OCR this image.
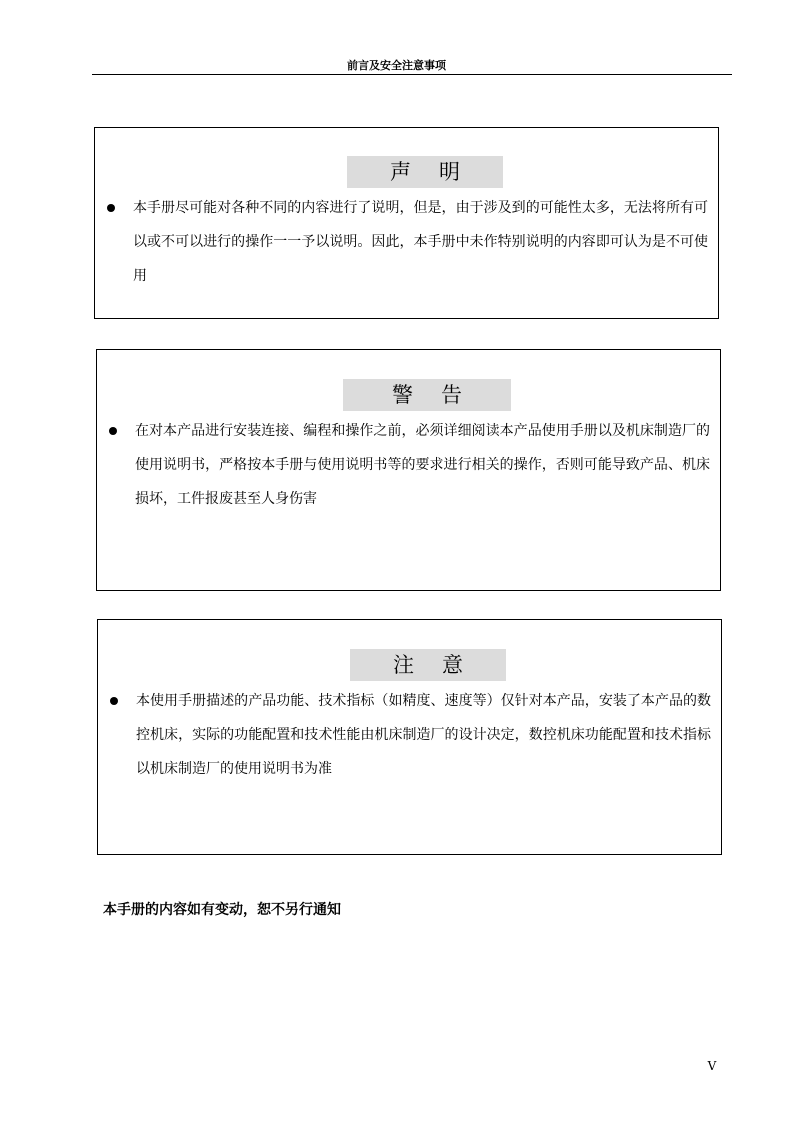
前言及安全注意事项
声明
本手册尽可能对各种不同的内容进行了说明，但是，由于涉及到的可能性太多，无法将所有可以或不可以进行的操作一一予以说明。因此，本手册中未作特别说明的内容即可认为是不可使用
警告
在对本产品进行安装连接、编程和操作之前，必须详细阅读本产品使用手册以及机床制造厂的使用说明书，严格按本手册与使用说明书等的要求进行相关的操作，否则可能导致产品、机床损坏，工件报废甚至人身伤害
注意
本使用手册描述的产品功能、技术指标（如精度、速度等）仅针对本产品，安装了本产品的数控机床，实际的功能配置和技术性能由机床制造厂的设计决定，数控机床功能配置和技术指标以机床制造厂的使用说明书为准
本手册的内容如有变动，恕不另行通知
V
